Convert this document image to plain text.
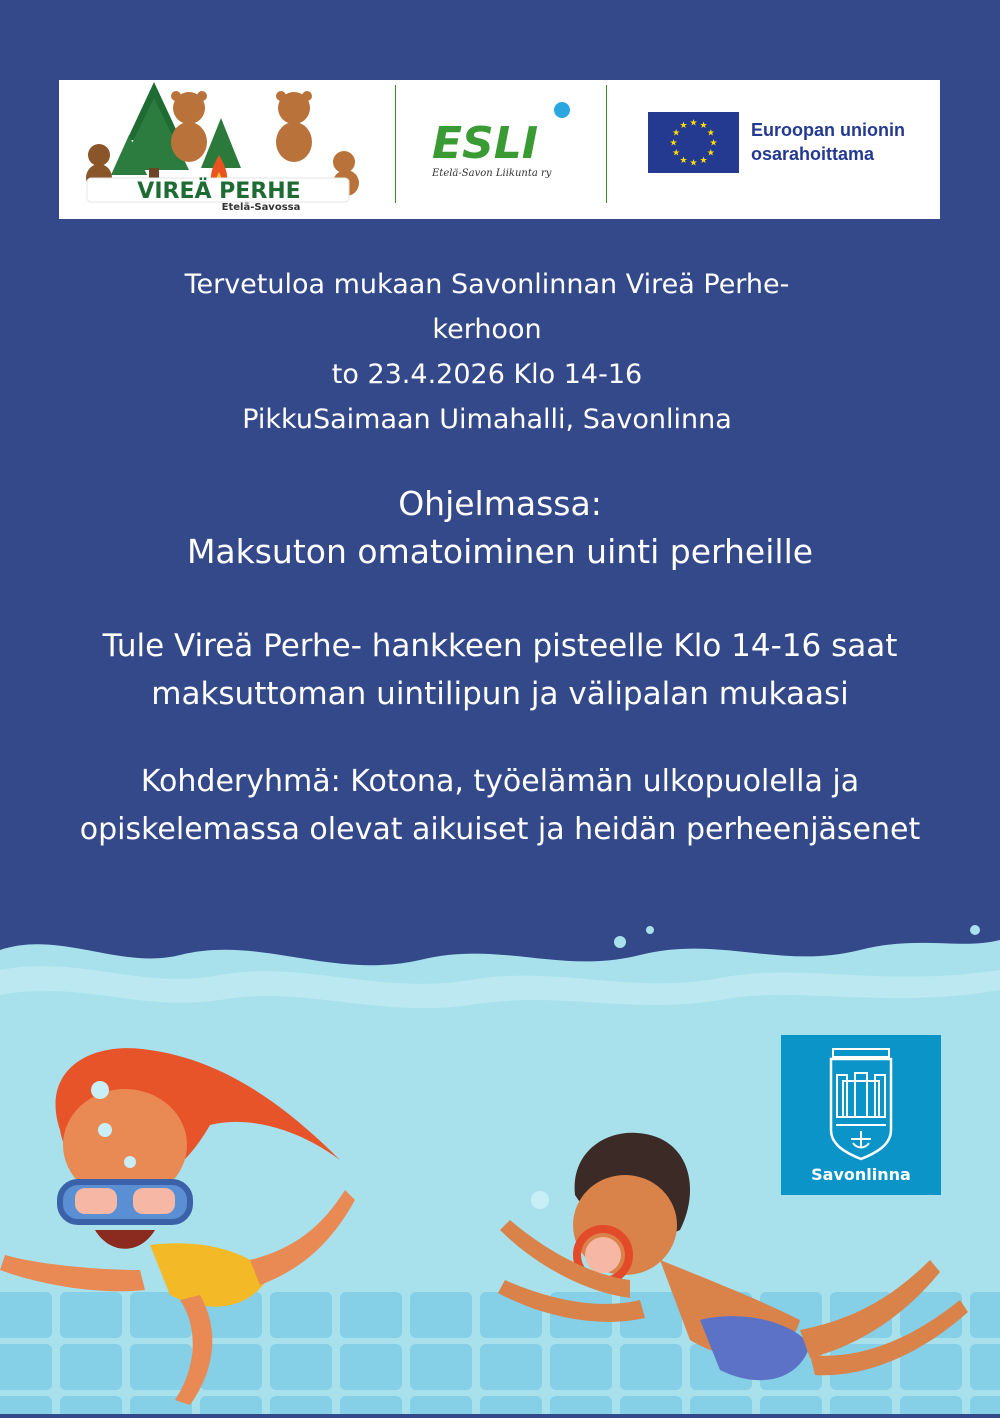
VIREÄ PERHE
Etelä-Savossa
ESLI
Etelä-Savon Liikunta ry
★ ★
★
★
★
★
★
★
★
★
★
★	Euroopan unionin
osarahoittama
Tervetuloa mukaan Savonlinnan Vireä Perhe-
kerhoon
to 23.4.2026 Klo 14-16
PikkuSaimaan Uimahalli, Savonlinna
Ohjelmassa:
Maksuton omatoiminen uinti perheille
Tule Vireä Perhe- hankkeen pisteelle Klo 14-16 saat
maksuttoman uintilipun ja välipalan mukaasi
Kohderyhmä: Kotona, työelämän ulkopuolella ja
opiskelemassa olevat aikuiset ja heidän perheenjäsenet
Savonlinna
